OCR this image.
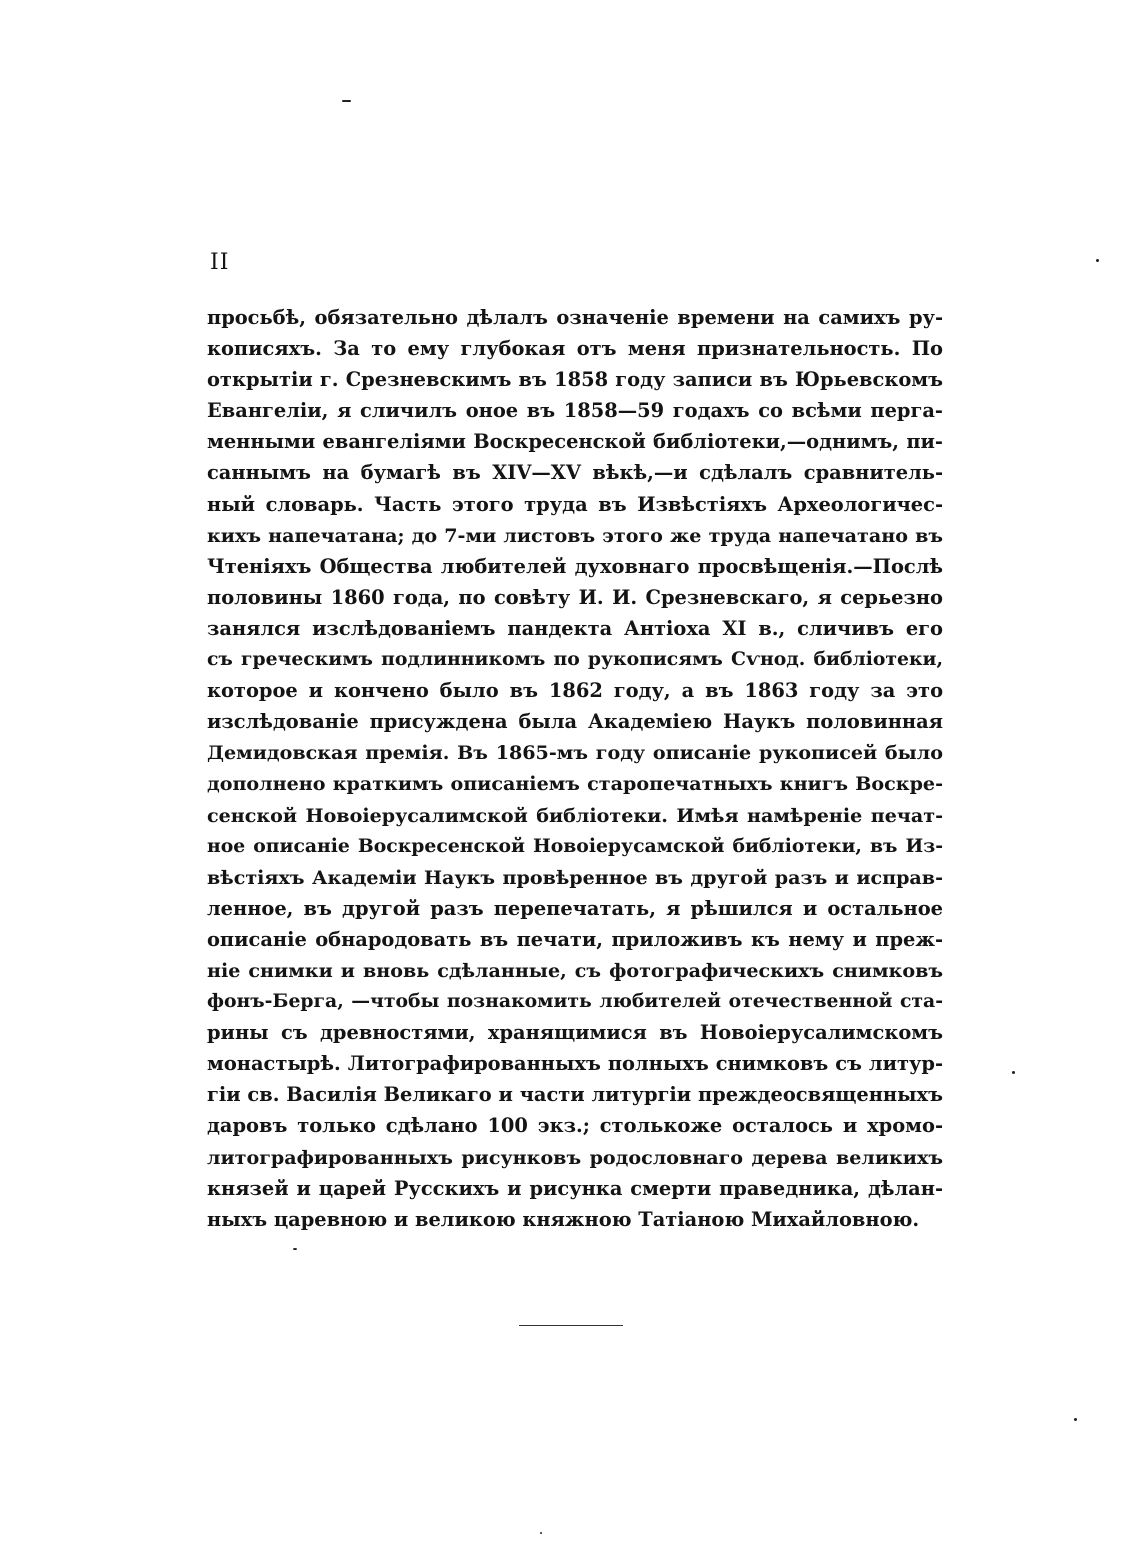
II
просьбѣ, обязательно дѣлалъ означеніе времени на самихъ ру-
кописяхъ. За то ему глубокая отъ меня признательность. По
открытіи г. Срезневскимъ въ 1858 году записи въ Юрьевскомъ
Евангеліи, я сличилъ оное въ 1858—59 годахъ со всѣми перга-
менными евангеліями Воскресенской библіотеки,—однимъ, пи-
саннымъ на бумагѣ въ XIV—XV вѣкѣ,—и сдѣлалъ сравнитель-
ный словарь. Часть этого труда въ Извѣстіяхъ Археологичес-
кихъ напечатана; до 7-ми листовъ этого же труда напечатано въ
Чтеніяхъ Общества любителей духовнаго просвѣщенія.—Послѣ
половины 1860 года, по совѣту И. И. Срезневскаго, я серьезно
занялся изслѣдованіемъ пандекта Антіоха XI в., сличивъ его
съ греческимъ подлинникомъ по рукописямъ Сѵнод. библіотеки,
которое и кончено было въ 1862 году, а въ 1863 году за это
изслѣдованіе присуждена была Академіею Наукъ половинная
Демидовская премія. Въ 1865-мъ году описаніе рукописей было
дополнено краткимъ описаніемъ старопечатныхъ книгъ Воскре-
сенской Новоіерусалимской библіотеки. Имѣя намѣреніе печат-
ное описаніе Воскресенской Новоіерусамской библіотеки, въ Из-
вѣстіяхъ Академіи Наукъ провѣренное въ другой разъ и исправ-
ленное, въ другой разъ перепечатать, я рѣшился и остальное
описаніе обнародовать въ печати, приложивъ къ нему и преж-
ніе снимки и вновь сдѣланные, съ фотографическихъ снимковъ
фонъ-Берга, —чтобы познакомить любителей отечественной ста-
рины съ древностями, хранящимися въ Новоіерусалимскомъ
монастырѣ. Литографированныхъ полныхъ снимковъ съ литур-
гіи св. Василія Великаго и части литургіи преждеосвященныхъ
даровъ только сдѣлано 100 экз.; столькоже осталось и хромо-
литографированныхъ рисунковъ родословнаго дерева великихъ
князей и царей Русскихъ и рисунка смерти праведника, дѣлан-
ныхъ царевною и великою княжною Татіаною Михайловною.
